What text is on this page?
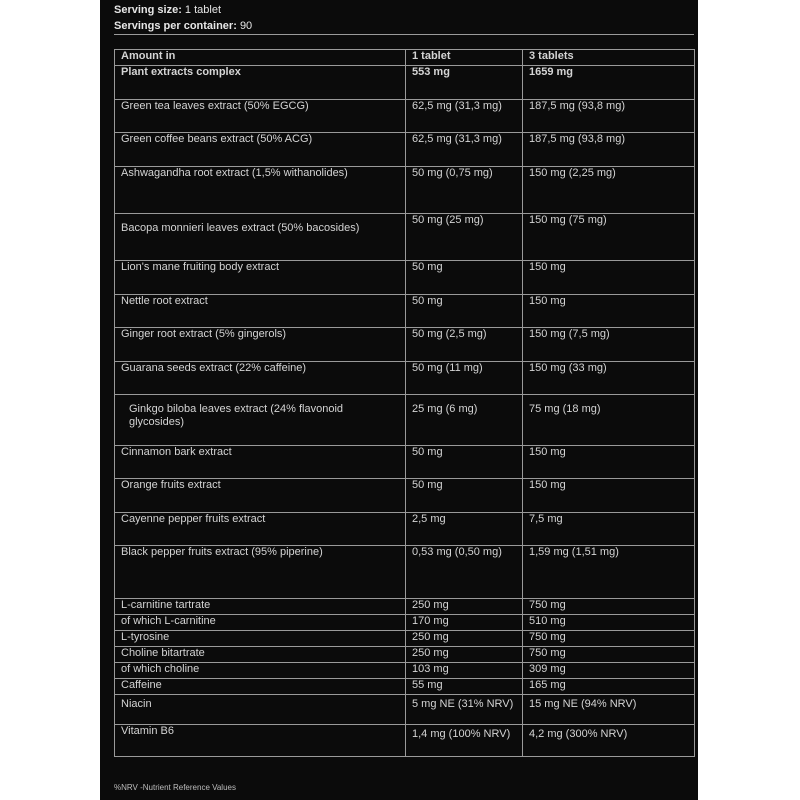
Serving size: 1 tablet
Servings per container: 90
Amount in	1 tablet	3 tablets
Plant extracts complex	553 mg	1659 mg
Green tea leaves extract (50% EGCG)	62,5 mg (31,3 mg)	187,5 mg (93,8 mg)
Green coffee beans extract (50% ACG)	62,5 mg (31,3 mg)	187,5 mg (93,8 mg)
Ashwagandha root extract (1,5% withanolides)	50 mg (0,75 mg)	150 mg (2,25 mg)
Bacopa monnieri leaves extract (50% bacosides)	50 mg (25 mg)	150 mg (75 mg)
Lion's mane fruiting body extract	50 mg	150 mg
Nettle root extract	50 mg	150 mg
Ginger root extract (5% gingerols)	50 mg (2,5 mg)	150 mg (7,5 mg)
Guarana seeds extract (22% caffeine)	50 mg (11 mg)	150 mg (33 mg)

Ginkgo biloba leaves extract (24% flavonoid glycosides)	25 mg (6 mg)	75 mg (18 mg)
Cinnamon bark extract	50 mg	150 mg
Orange fruits extract	50 mg	150 mg
Cayenne pepper fruits extract	2,5 mg	7,5 mg
Black pepper fruits extract (95% piperine)	0,53 mg (0,50 mg)	1,59 mg (1,51 mg)
L-carnitine tartrate	250 mg	750 mg
of which L-carnitine	170 mg	510 mg
L-tyrosine	250 mg	750 mg
Choline bitartrate	250 mg	750 mg
of which choline	103 mg	309 mg
Caffeine	55 mg	165 mg
Niacin	5 mg NE (31% NRV)	15 mg NE (94% NRV)
Vitamin B6	1,4 mg (100% NRV)	4,2 mg (300% NRV)
%NRV -Nutrient Reference Values
